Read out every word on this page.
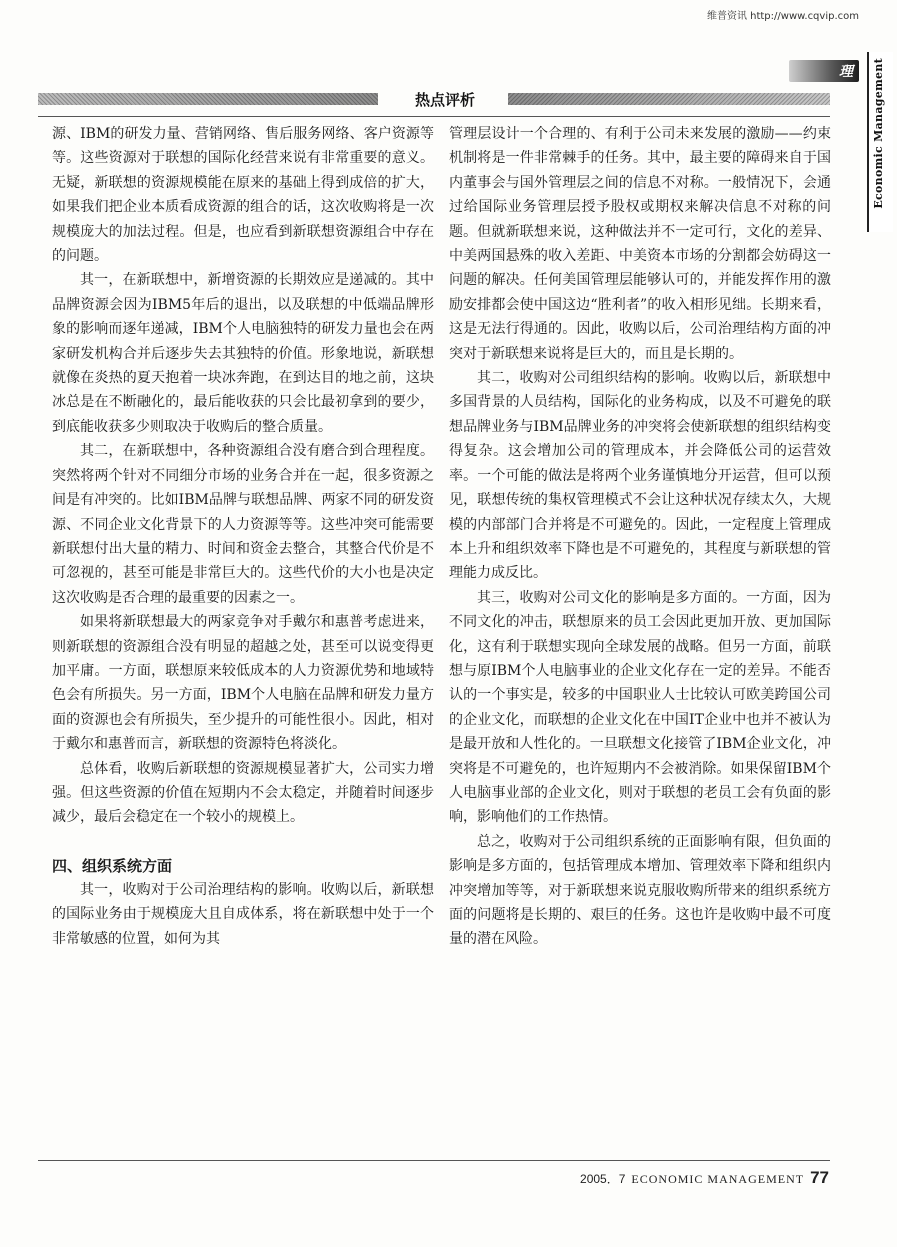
维普资讯 http://www.cqvip.com
理 Economic Management
热点评析

源、IBM的研发力量、营销网络、售后服务网络、客户资源等等。这些资源对于联想的国际化经营来说有非常重要的意义。无疑，新联想的资源规模能在原来的基础上得到成倍的扩大，如果我们把企业本质看成资源的组合的话，这次收购将是一次规模庞大的加法过程。但是，也应看到新联想资源组合中存在的问题。

其一，在新联想中，新增资源的长期效应是递减的。其中品牌资源会因为IBM5年后的退出，以及联想的中低端品牌形象的影响而逐年递减，IBM个人电脑独特的研发力量也会在两家研发机构合并后逐步失去其独特的价值。形象地说，新联想就像在炎热的夏天抱着一块冰奔跑，在到达目的地之前，这块冰总是在不断融化的，最后能收获的只会比最初拿到的要少，到底能收获多少则取决于收购后的整合质量。

其二，在新联想中，各种资源组合没有磨合到合理程度。突然将两个针对不同细分市场的业务合并在一起，很多资源之间是有冲突的。比如IBM品牌与联想品牌、两家不同的研发资源、不同企业文化背景下的人力资源等等。这些冲突可能需要新联想付出大量的精力、时间和资金去整合，其整合代价是不可忽视的，甚至可能是非常巨大的。这些代价的大小也是决定这次收购是否合理的最重要的因素之一。

如果将新联想最大的两家竞争对手戴尔和惠普考虑进来，则新联想的资源组合没有明显的超越之处，甚至可以说变得更加平庸。一方面，联想原来较低成本的人力资源优势和地域特色会有所损失。另一方面，IBM个人电脑在品牌和研发力量方面的资源也会有所损失，至少提升的可能性很小。因此，相对于戴尔和惠普而言，新联想的资源特色将淡化。

总体看，收购后新联想的资源规模显著扩大，公司实力增强。但这些资源的价值在短期内不会太稳定，并随着时间逐步减少，最后会稳定在一个较小的规模上。

四、组织系统方面

其一，收购对于公司治理结构的影响。收购以后，新联想的国际业务由于规模庞大且自成体系，将在新联想中处于一个非常敏感的位置，如何为其

管理层设计一个合理的、有利于公司未来发展的激励——约束机制将是一件非常棘手的任务。其中，最主要的障碍来自于国内董事会与国外管理层之间的信息不对称。一般情况下，会通过给国际业务管理层授予股权或期权来解决信息不对称的问题。但就新联想来说，这种做法并不一定可行，文化的差异、中美两国悬殊的收入差距、中美资本市场的分割都会妨碍这一问题的解决。任何美国管理层能够认可的，并能发挥作用的激励安排都会使中国这边“胜利者”的收入相形见绌。长期来看，这是无法行得通的。因此，收购以后，公司治理结构方面的冲突对于新联想来说将是巨大的，而且是长期的。

其二，收购对公司组织结构的影响。收购以后，新联想中多国背景的人员结构，国际化的业务构成，以及不可避免的联想品牌业务与IBM品牌业务的冲突将会使新联想的组织结构变得复杂。这会增加公司的管理成本，并会降低公司的运营效率。一个可能的做法是将两个业务谨慎地分开运营，但可以预见，联想传统的集权管理模式不会让这种状况存续太久，大规模的内部部门合并将是不可避免的。因此，一定程度上管理成本上升和组织效率下降也是不可避免的，其程度与新联想的管理能力成反比。

其三，收购对公司文化的影响是多方面的。一方面，因为不同文化的冲击，联想原来的员工会因此更加开放、更加国际化，这有利于联想实现向全球发展的战略。但另一方面，前联想与原IBM个人电脑事业的企业文化存在一定的差异。不能否认的一个事实是，较多的中国职业人士比较认可欧美跨国公司的企业文化，而联想的企业文化在中国IT企业中也并不被认为是最开放和人性化的。一旦联想文化接管了IBM企业文化，冲突将是不可避免的，也许短期内不会被消除。如果保留IBM个人电脑事业部的企业文化，则对于联想的老员工会有负面的影响，影响他们的工作热情。

总之，收购对于公司组织系统的正面影响有限，但负面的影响是多方面的，包括管理成本增加、管理效率下降和组织内冲突增加等等，对于新联想来说克服收购所带来的组织系统方面的问题将是长期的、艰巨的任务。这也许是收购中最不可度量的潜在风险。

2005．7 ECONOMIC MANAGEMENT 77
